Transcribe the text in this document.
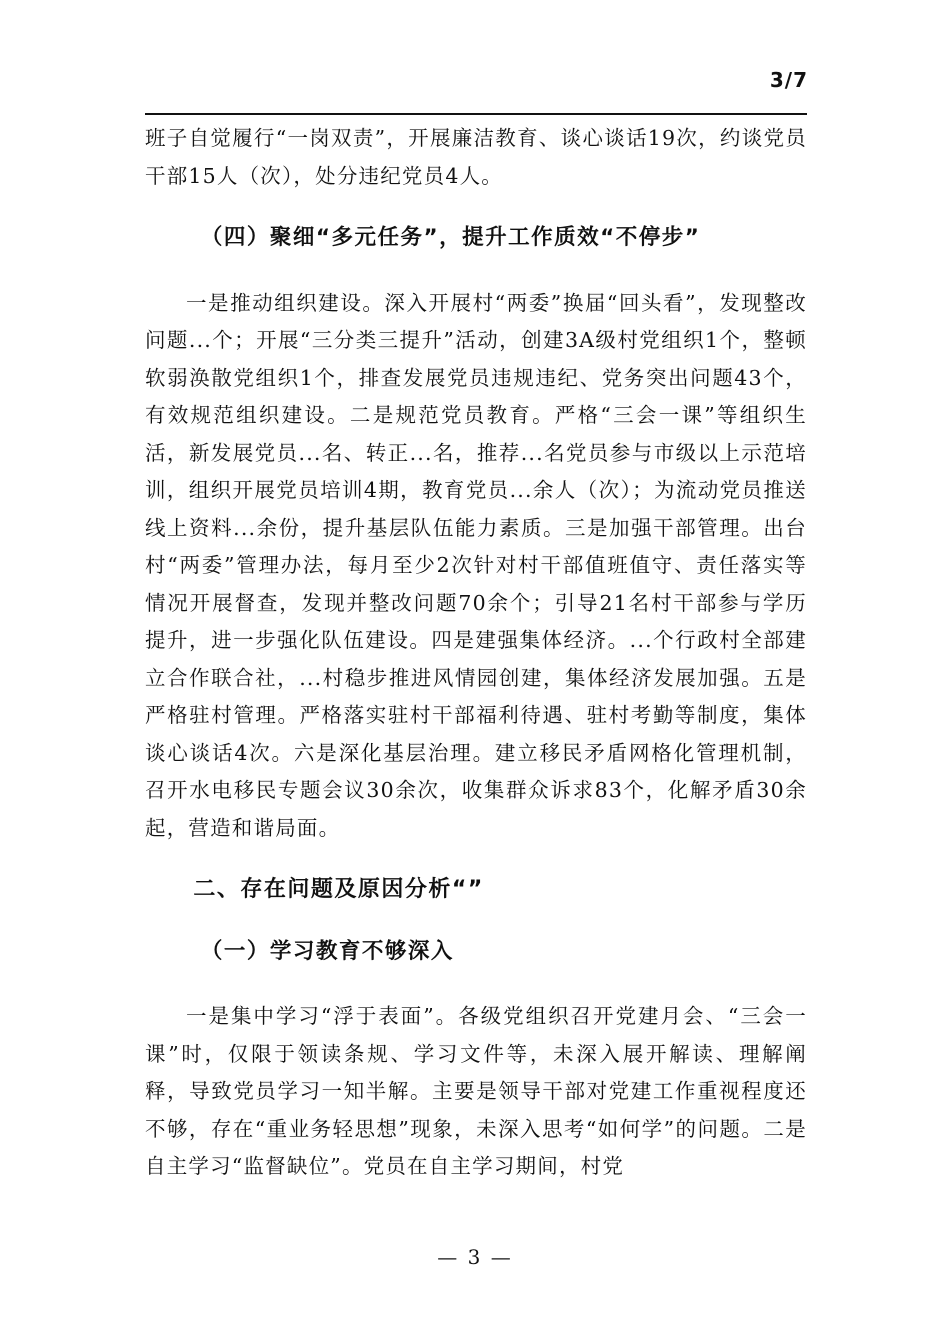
3/7

班子自觉履行“一岗双责”，开展廉洁教育、谈心谈话19次，约谈党员干部15人（次），处分违纪党员4人。

（四）聚细“多元任务”，提升工作质效“不停步”

一是推动组织建设。深入开展村“两委”换届“回头看”，发现整改问题...个；开展“三分类三提升”活动，创建3A级村党组织1个，整顿软弱涣散党组织1个，排查发展党员违规违纪、党务突出问题43个，有效规范组织建设。二是规范党员教育。严格“三会一课”等组织生活，新发展党员...名、转正...名，推荐...名党员参与市级以上示范培训，组织开展党员培训4期，教育党员...余人（次）；为流动党员推送线上资料...余份，提升基层队伍能力素质。三是加强干部管理。出台村“两委”管理办法，每月至少2次针对村干部值班值守、责任落实等情况开展督查，发现并整改问题70余个；引导21名村干部参与学历提升，进一步强化队伍建设。四是建强集体经济。...个行政村全部建立合作联合社，...村稳步推进风情园创建，集体经济发展加强。五是严格驻村管理。严格落实驻村干部福利待遇、驻村考勤等制度，集体谈心谈话4次。六是深化基层治理。建立移民矛盾网格化管理机制，召开水电移民专题会议30余次，收集群众诉求83个，化解矛盾30余起，营造和谐局面。

二、存在问题及原因分析“”

（一）学习教育不够深入

一是集中学习“浮于表面”。各级党组织召开党建月会、“三会一课”时，仅限于领读条规、学习文件等，未深入展开解读、理解阐释，导致党员学习一知半解。主要是领导干部对党建工作重视程度还不够，存在“重业务轻思想”现象，未深入思考“如何学”的问题。二是自主学习“监督缺位”。党员在自主学习期间，村党

— 3 —
